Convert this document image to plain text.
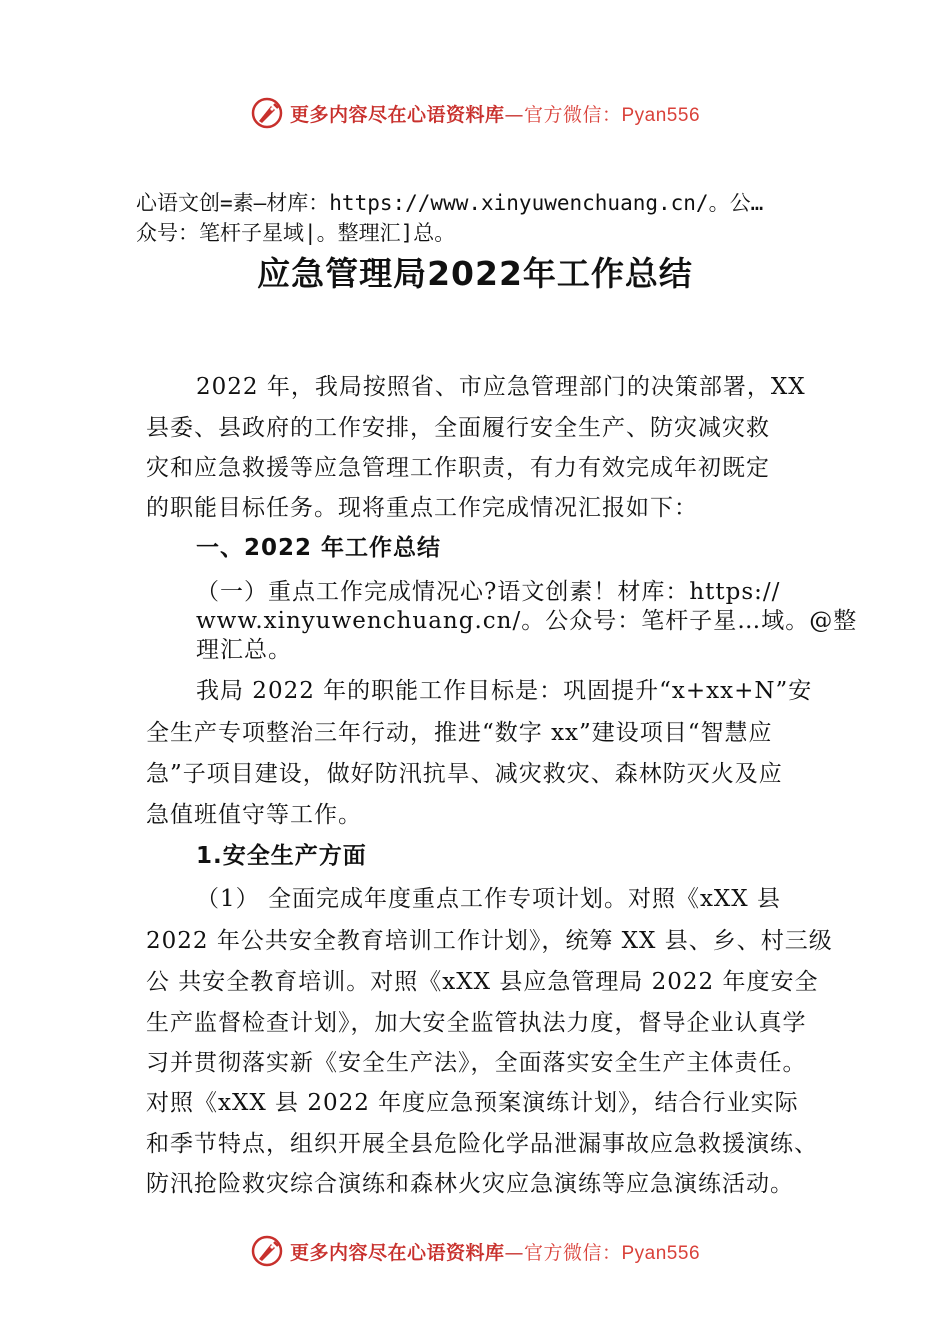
更多内容尽在心语资料库—官方微信：Pyan556
心语文创=素—材库：https://www.xinyuwenchuang.cn/。公…
众号：笔杆子星域|。整理汇]总。
应急管理局2022年工作总结
2022 年，我局按照省、市应急管理部门的决策部署，XX
县委、县政府的工作安排，全面履行安全生产、防灾减灾救
灾和应急救援等应急管理工作职责，有力有效完成年初既定
的职能目标任务。现将重点工作完成情况汇报如下：
一、2022 年工作总结
（一）重点工作完成情况心?语文创素！材库：https://
www.xinyuwenchuang.cn/。公众号：笔杆子星…域。@整
理汇总。
我局 2022 年的职能工作目标是：巩固提升“x+xx+N”安
全生产专项整治三年行动，推进“数字 xx”建设项目“智慧应
急”子项目建设，做好防汛抗旱、减灾救灾、森林防灭火及应
急值班值守等工作。
1.安全生产方面
（1） 全面完成年度重点工作专项计划。对照《xXX 县
2022 年公共安全教育培训工作计划》，统筹 XX 县、乡、村三级
公 共安全教育培训。对照《xXX 县应急管理局 2022 年度安全
生产监督检查计划》，加大安全监管执法力度，督导企业认真学
习并贯彻落实新《安全生产法》，全面落实安全生产主体责任。
对照《xXX 县 2022 年度应急预案演练计划》，结合行业实际
和季节特点，组织开展全县危险化学品泄漏事故应急救援演练、
防汛抢险救灾综合演练和森林火灾应急演练等应急演练活动。
更多内容尽在心语资料库—官方微信：Pyan556
